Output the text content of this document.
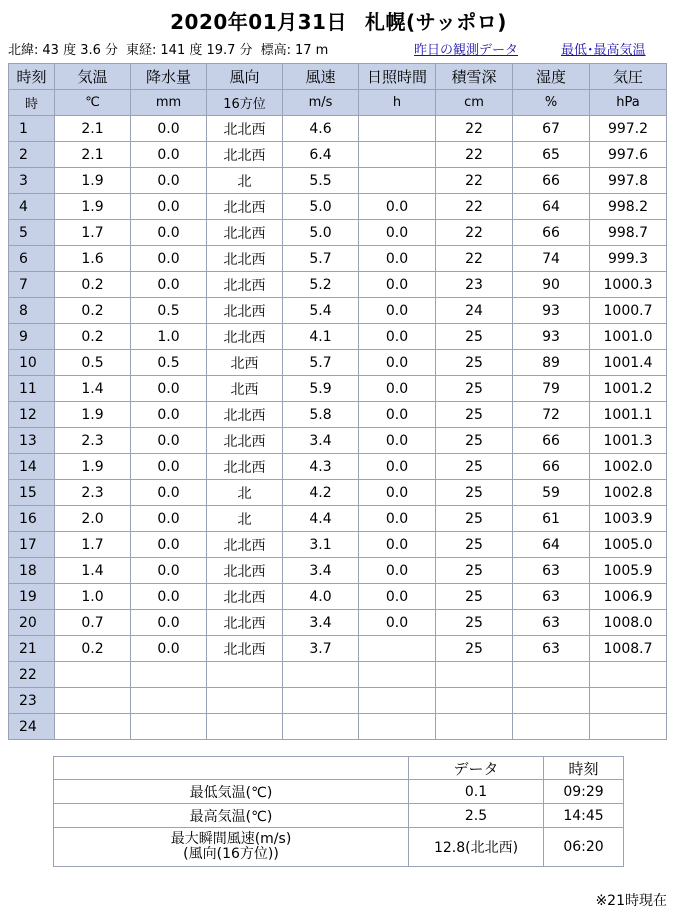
2020年01月31日 札幌(サッポロ)
北緯: 43 度 3.6 分 東経: 141 度 19.7 分 標高: 17 m	昨日の観測データ	最低･最高気温
時刻	気温	降水量	風向	風速	日照時間	積雪深	湿度	気圧
時	℃	mm	16方位	m/s	h	cm	%	hPa
1	2.1	0.0	北北西	4.6		22	67	997.2
2	2.1	0.0	北北西	6.4		22	65	997.6
3	1.9	0.0	北	5.5		22	66	997.8
4	1.9	0.0	北北西	5.0	0.0	22	64	998.2
5	1.7	0.0	北北西	5.0	0.0	22	66	998.7
6	1.6	0.0	北北西	5.7	0.0	22	74	999.3
7	0.2	0.0	北北西	5.2	0.0	23	90	1000.3
8	0.2	0.5	北北西	5.4	0.0	24	93	1000.7
9	0.2	1.0	北北西	4.1	0.0	25	93	1001.0
10	0.5	0.5	北西	5.7	0.0	25	89	1001.4
11	1.4	0.0	北西	5.9	0.0	25	79	1001.2
12	1.9	0.0	北北西	5.8	0.0	25	72	1001.1
13	2.3	0.0	北北西	3.4	0.0	25	66	1001.3
14	1.9	0.0	北北西	4.3	0.0	25	66	1002.0
15	2.3	0.0	北	4.2	0.0	25	59	1002.8
16	2.0	0.0	北	4.4	0.0	25	61	1003.9
17	1.7	0.0	北北西	3.1	0.0	25	64	1005.0
18	1.4	0.0	北北西	3.4	0.0	25	63	1005.9
19	1.0	0.0	北北西	4.0	0.0	25	63	1006.9
20	0.7	0.0	北北西	3.4	0.0	25	63	1008.0
21	0.2	0.0	北北西	3.7		25	63	1008.7
22								
23								
24								
	データ	時刻
最低気温(℃)	0.1	09:29
最高気温(℃)	2.5	14:45
最大瞬間風速(m/s)
(風向(16方位))	12.8(北北西)	06:20
※21時現在
